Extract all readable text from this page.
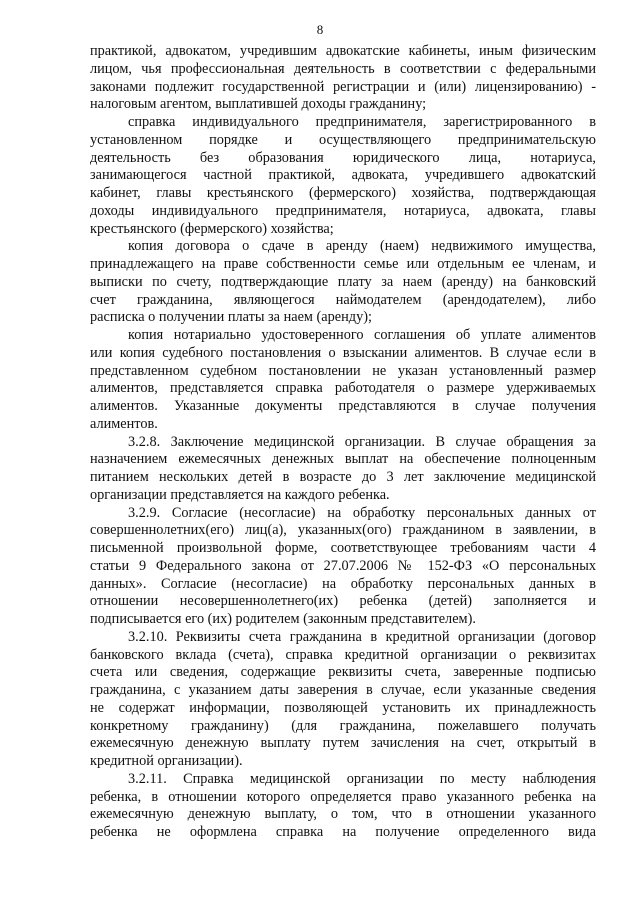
8
практикой, адвокатом, учредившим адвокатские кабинеты, иным физическим
лицом, чья профессиональная деятельность в соответствии с федеральными
законами подлежит государственной регистрации и (или) лицензированию) -
налоговым агентом, выплатившей доходы гражданину;
справка индивидуального предпринимателя, зарегистрированного в
установленном порядке и осуществляющего предпринимательскую
деятельность без образования юридического лица, нотариуса,
занимающегося частной практикой, адвоката, учредившего адвокатский
кабинет, главы крестьянского (фермерского) хозяйства, подтверждающая
доходы индивидуального предпринимателя, нотариуса, адвоката, главы
крестьянского (фермерского) хозяйства;
копия договора о сдаче в аренду (наем) недвижимого имущества,
принадлежащего на праве собственности семье или отдельным ее членам, и
выписки по счету, подтверждающие плату за наем (аренду) на банковский
счет гражданина, являющегося наймодателем (арендодателем), либо
расписка о получении платы за наем (аренду);
копия нотариально удостоверенного соглашения об уплате алиментов
или копия судебного постановления о взыскании алиментов. В случае если в
представленном судебном постановлении не указан установленный размер
алиментов, представляется справка работодателя о размере удерживаемых
алиментов. Указанные документы представляются в случае получения
алиментов.
3.2.8. Заключение медицинской организации. В случае обращения за
назначением ежемесячных денежных выплат на обеспечение полноценным
питанием нескольких детей в возрасте до 3 лет заключение медицинской
организации представляется на каждого ребенка.
3.2.9. Согласие (несогласие) на обработку персональных данных от
совершеннолетних(его) лиц(а), указанных(ого) гражданином в заявлении, в
письменной произвольной форме, соответствующее требованиям части 4
статьи 9 Федерального закона от 27.07.2006 № 152-ФЗ «О персональных
данных». Согласие (несогласие) на обработку персональных данных в
отношении несовершеннолетнего(их) ребенка (детей) заполняется и
подписывается его (их) родителем (законным представителем).
3.2.10. Реквизиты счета гражданина в кредитной организации (договор
банковского вклада (счета), справка кредитной организации о реквизитах
счета или сведения, содержащие реквизиты счета, заверенные подписью
гражданина, с указанием даты заверения в случае, если указанные сведения
не содержат информации, позволяющей установить их принадлежность
конкретному гражданину) (для гражданина, пожелавшего получать
ежемесячную денежную выплату путем зачисления на счет, открытый в
кредитной организации).
3.2.11. Справка медицинской организации по месту наблюдения
ребенка, в отношении которого определяется право указанного ребенка на
ежемесячную денежную выплату, о том, что в отношении указанного
ребенка не оформлена справка на получение определенного вида
